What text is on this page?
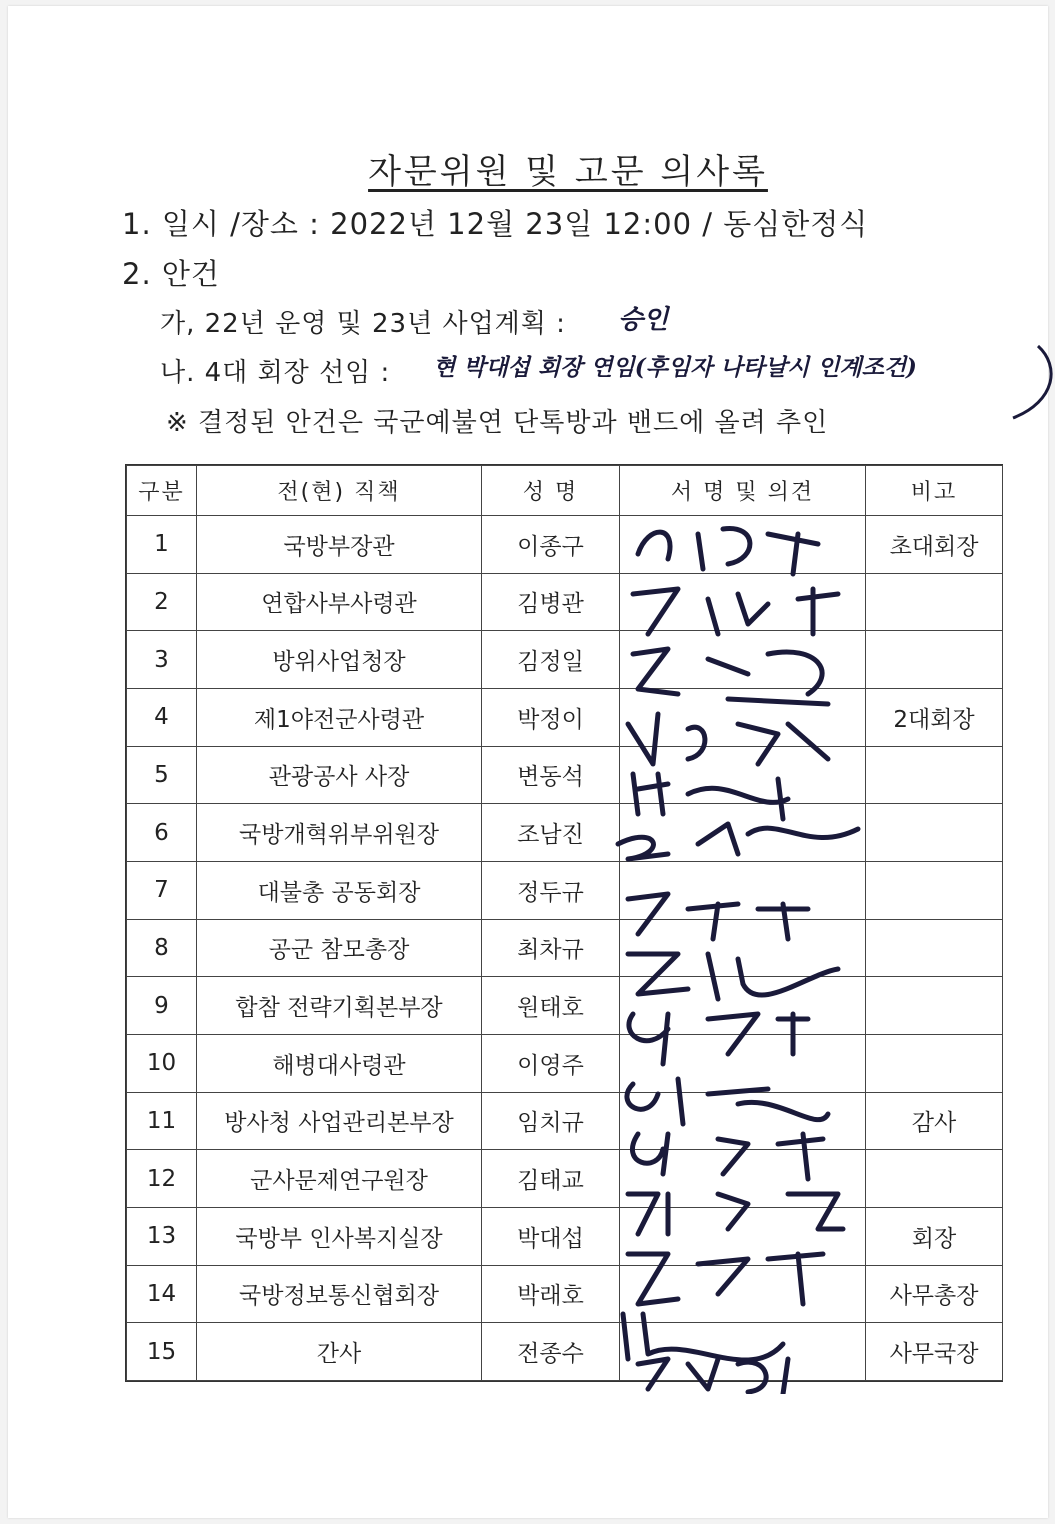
자문위원 및 고문 의사록
1. 일시 /장소 : 2022년 12월 23일 12:00 / 동심한정식
2. 안건
가, 22년 운영 및 23년 사업계획 : 승인
나. 4대 회장 선임 : 현 박대섭 회장 연임(후임자 나타날시 인계조건)
※ 결정된 안건은 국군예불연 단톡방과 밴드에 올려 추인
구분	전(현) 직책	성 명	서 명 및 의견	비고
1	국방부장관	이종구		초대회장
2	연합사부사령관	김병관		
3	방위사업청장	김정일		
4	제1야전군사령관	박정이		2대회장
5	관광공사 사장	변동석		
6	국방개혁위부위원장	조남진		
7	대불총 공동회장	정두규		
8	공군 참모총장	최차규		
9	합참 전략기획본부장	원태호		
10	해병대사령관	이영주		
11	방사청 사업관리본부장	임치규		감사
12	군사문제연구원장	김태교		
13	국방부 인사복지실장	박대섭		회장
14	국방정보통신협회장	박래호		사무총장
15	간사	전종수		사무국장
